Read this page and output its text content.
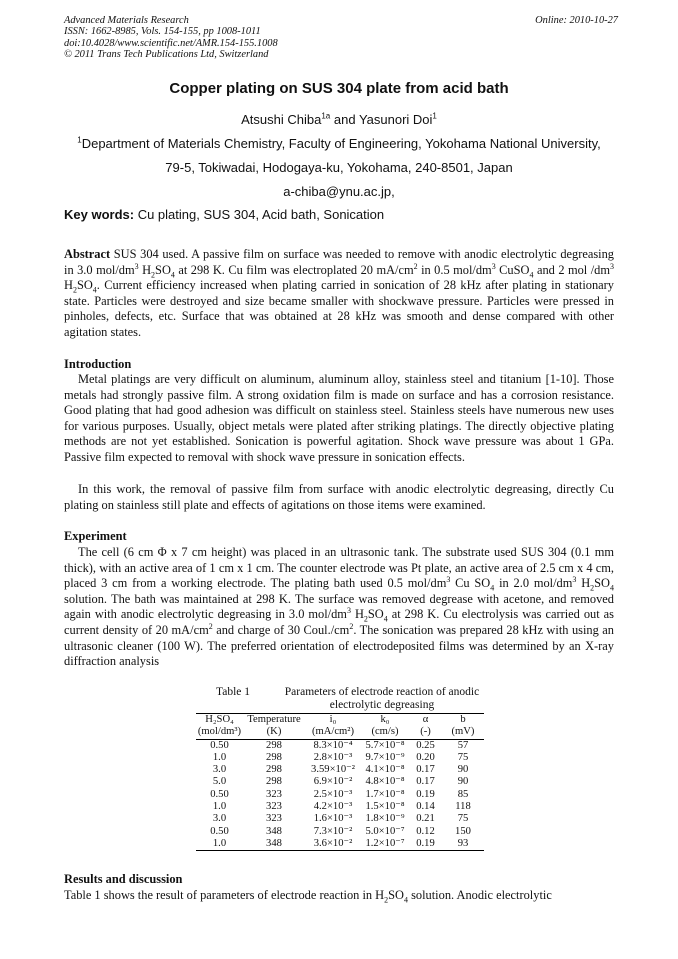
Advanced Materials Research
ISSN: 1662-8985, Vols. 154-155, pp 1008-1011
doi:10.4028/www.scientific.net/AMR.154-155.1008
© 2011 Trans Tech Publications Ltd, Switzerland
Online: 2010-10-27
Copper plating on SUS 304 plate from acid bath
Atsushi Chiba$^{1a}$ and Yasunori Doi$^1$
$^1$Department of Materials Chemistry, Faculty of Engineering, Yokohama National University,
79-5, Tokiwadai, Hodogaya-ku, Yokohama, 240-8501, Japan
a-chiba@ynu.ac.jp,
Key words: Cu plating, SUS 304, Acid bath, Sonication
Abstract SUS 304 used. A passive film on surface was needed to remove with anodic electrolytic degreasing in 3.0 mol/$dm^3$ $H_2SO_4$ at 298 K. Cu film was electroplated 20 $mA/cm^2$ in 0.5 mol/$dm^3$ CuSO$_4$ and 2 mol $/dm^3$ $H_2SO_4$. Current efficiency increased when plating carried in sonication of 28 kHz after plating in stationary state. Particles were destroyed and size became smaller with shockwave pressure. Particles were pressed in pinholes, defects, etc. Surface that was obtained at 28 kHz was smooth and dense compared with other agitation states.
Introduction
Metal platings are very difficult on aluminum, aluminum alloy, stainless steel and titanium [1-10]. Those metals had strongly passive film. A strong oxidation film is made on surface and has a corrosion resistance. Good plating that had good adhesion was difficult on stainless steel. Stainless steels have numerous new uses for various purposes. Usually, object metals were plated after striking platings. The directly objective plating methods are not yet established. Sonication is powerful agitation. Shock wave pressure was about 1 GPa. Passive film expected to removal with shock wave pressure in sonication effects.
In this work, the removal of passive film from surface with anodic electrolytic degreasing, directly Cu plating on stainless still plate and effects of agitations on those items were examined.
Experiment
The cell (6 cm Φ x 7 cm height) was placed in an ultrasonic tank. The substrate used SUS 304 (0.1 mm thick), with an active area of 1 cm x 1 cm. The counter electrode was Pt plate, an active area of 2.5 cm x 4 cm, placed 3 cm from a working electrode. The plating bath used 0.5 mol/$dm^3$ Cu $SO_4$ in 2.0 mol/$dm^3$ $H_2SO_4$ solution. The bath was maintained at 298 K. The surface was removed degrease with acetone, and removed again with anodic electrolytic degreasing in 3.0 mol/$dm^3$ $H_2SO_4$ at 298 K. Cu electrolysis was carried out as current density of 20 $mA/cm^2$ and charge of 30 $Coul./cm^2$. The sonication was prepared 28 kHz with using an ultrasonic cleaner (100 W). The preferred orientation of electrodeposited films was determined by an X-ray diffraction analysis
Table 1	Parameters of electrode reaction of anodic electrolytic degreasing
H₂SO₄	Temperature	i₀	k₀	α	b
(mol/dm³)	(K)	(mA/cm²)	(cm/s)	(-)	(mV)
0.50	298	8.3×10⁻⁴	5.7×10⁻⁸	0.25	57
1.0	298	2.8×10⁻³	9.7×10⁻⁹	0.20	75
3.0	298	3.59×10⁻²	4.1×10⁻⁸	0.17	90
5.0	298	6.9×10⁻²	4.8×10⁻⁸	0.17	90
0.50	323	2.5×10⁻³	1.7×10⁻⁸	0.19	85
1.0	323	4.2×10⁻³	1.5×10⁻⁸	0.14	118
3.0	323	1.6×10⁻³	1.8×10⁻⁹	0.21	75
0.50	348	7.3×10⁻²	5.0×10⁻⁷	0.12	150
1.0	348	3.6×10⁻²	1.2×10⁻⁷	0.19	93
Results and discussion
Table 1 shows the result of parameters of electrode reaction in $H_2SO_4$ solution. Anodic electrolytic
